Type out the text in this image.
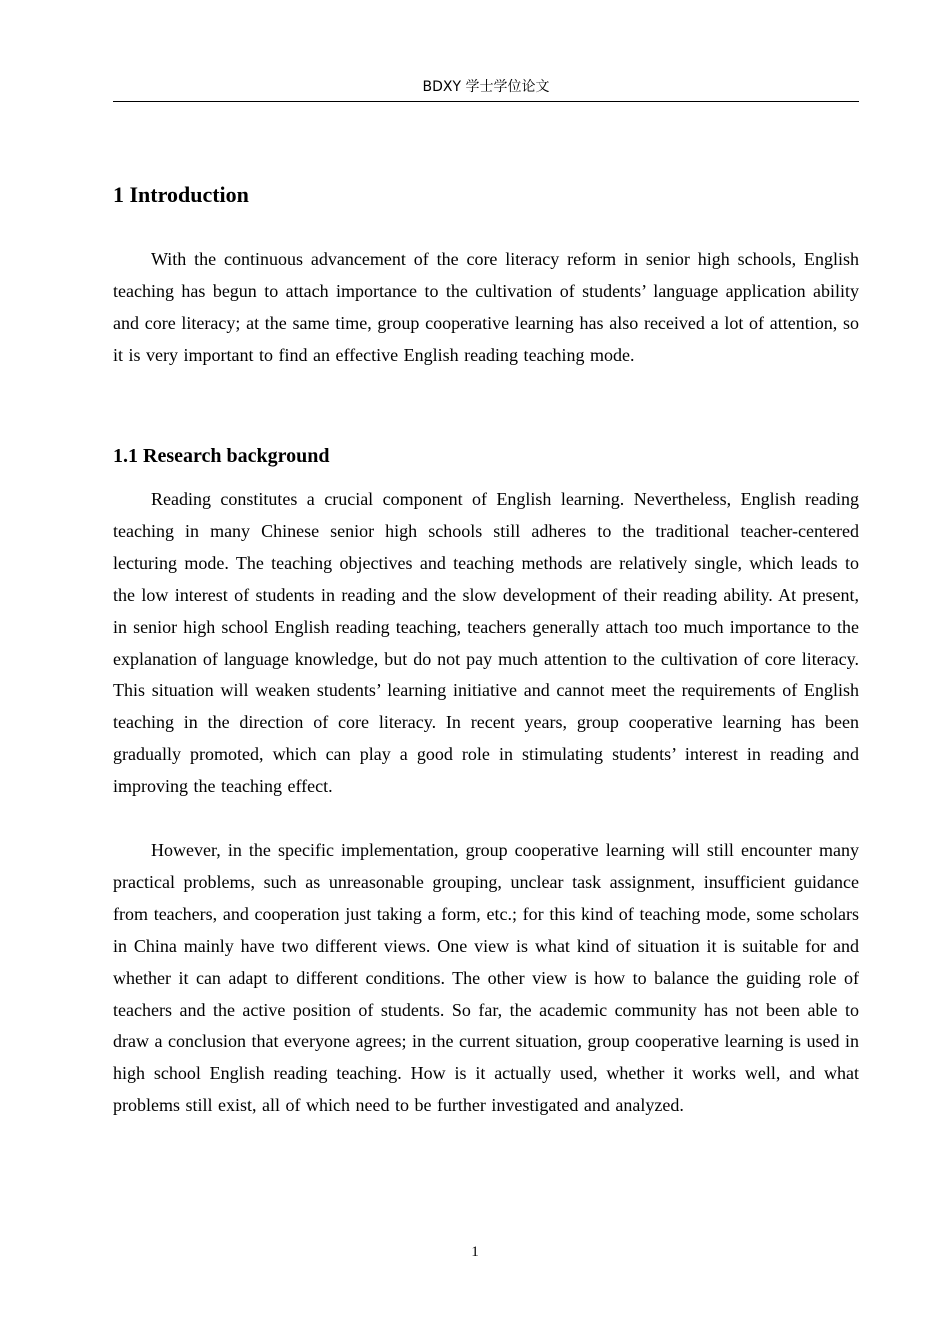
BDXY 学士学位论文
1 Introduction

With the continuous advancement of the core literacy reform in senior high schools, English teaching has begun to attach importance to the cultivation of students’ language application ability and core literacy; at the same time, group cooperative learning has also received a lot of attention, so it is very important to find an effective English reading teaching mode.

1.1 Research background

Reading constitutes a crucial component of English learning. Nevertheless, English reading teaching in many Chinese senior high schools still adheres to the traditional teacher-centered lecturing mode. The teaching objectives and teaching methods are relatively single, which leads to the low interest of students in reading and the slow development of their reading ability. At present, in senior high school English reading teaching, teachers generally attach too much importance to the explanation of language knowledge, but do not pay much attention to the cultivation of core literacy. This situation will weaken students’ learning initiative and cannot meet the requirements of English teaching in the direction of core literacy. In recent years, group cooperative learning has been gradually promoted, which can play a good role in stimulating students’ interest in reading and improving the teaching effect.

However, in the specific implementation, group cooperative learning will still encounter many practical problems, such as unreasonable grouping, unclear task assignment, insufficient guidance from teachers, and cooperation just taking a form, etc.; for this kind of teaching mode, some scholars in China mainly have two different views. One view is what kind of situation it is suitable for and whether it can adapt to different conditions. The other view is how to balance the guiding role of teachers and the active position of students. So far, the academic community has not been able to draw a conclusion that everyone agrees; in the current situation, group cooperative learning is used in high school English reading teaching. How is it actually used, whether it works well, and what problems still exist, all of which need to be further investigated and analyzed.

1
